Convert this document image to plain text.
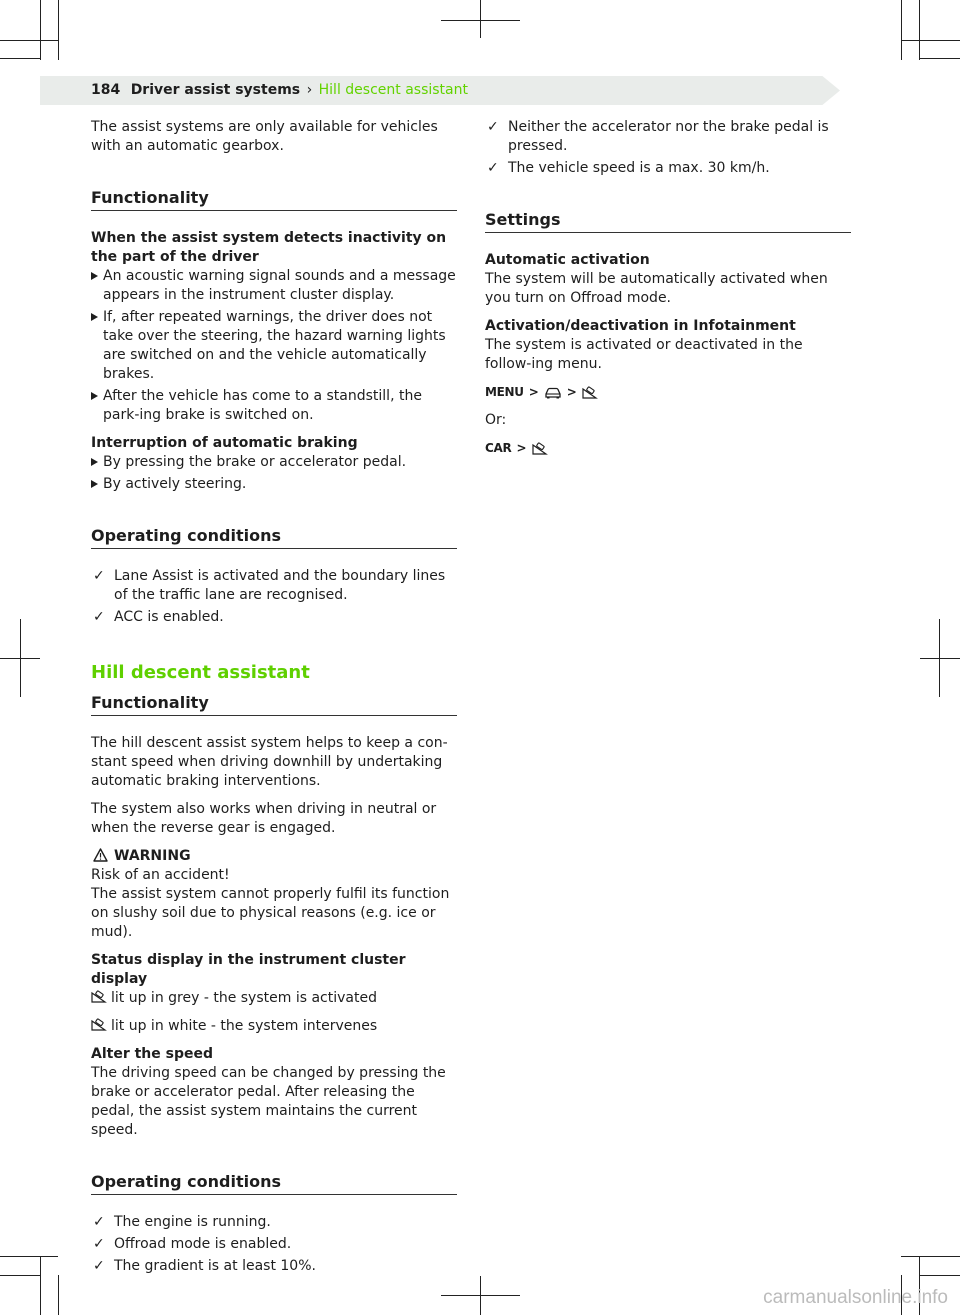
184 Driver assist systems › Hill descent assistant

The assist systems are only available for vehicles with an automatic gearbox.

Functionality
When the assist system detects inactivity on the part of the driver
An acoustic warning signal sounds and a message appears in the instrument cluster display.
If, after repeated warnings, the driver does not take over the steering, the hazard warning lights are switched on and the vehicle automatically brakes.
After the vehicle has come to a standstill, the park-ing brake is switched on.
Interruption of automatic braking
By pressing the brake or accelerator pedal.
By actively steering.
Operating conditions
✓ Lane Assist is activated and the boundary lines of the traffic lane are recognised.
✓ ACC is enabled.
Hill descent assistant
Functionality

The hill descent assist system helps to keep a con-stant speed when driving downhill by undertaking automatic braking interventions.

The system also works when driving in neutral or when the reverse gear is engaged.

WARNING
Risk of an accident!

The assist system cannot properly fulfil its function on slushy soil due to physical reasons (e.g. ice or mud).

Status display in the instrument cluster display

lit up in grey - the system is activated

lit up in white - the system intervenes

Alter the speed

The driving speed can be changed by pressing the brake or accelerator pedal. After releasing the pedal, the assist system maintains the current speed.

Operating conditions
✓ The engine is running.
✓ Offroad mode is enabled.
✓ The gradient is at least 10%.
✓ Neither the accelerator nor the brake pedal is pressed.
✓ The vehicle speed is a max. 30 km/h.
Settings
Automatic activation

The system will be automatically activated when you turn on Offroad mode.

Activation/deactivation in Infotainment

The system is activated or deactivated in the follow-ing menu.

MENU > >

Or:

CAR >
carmanualsonline.info
